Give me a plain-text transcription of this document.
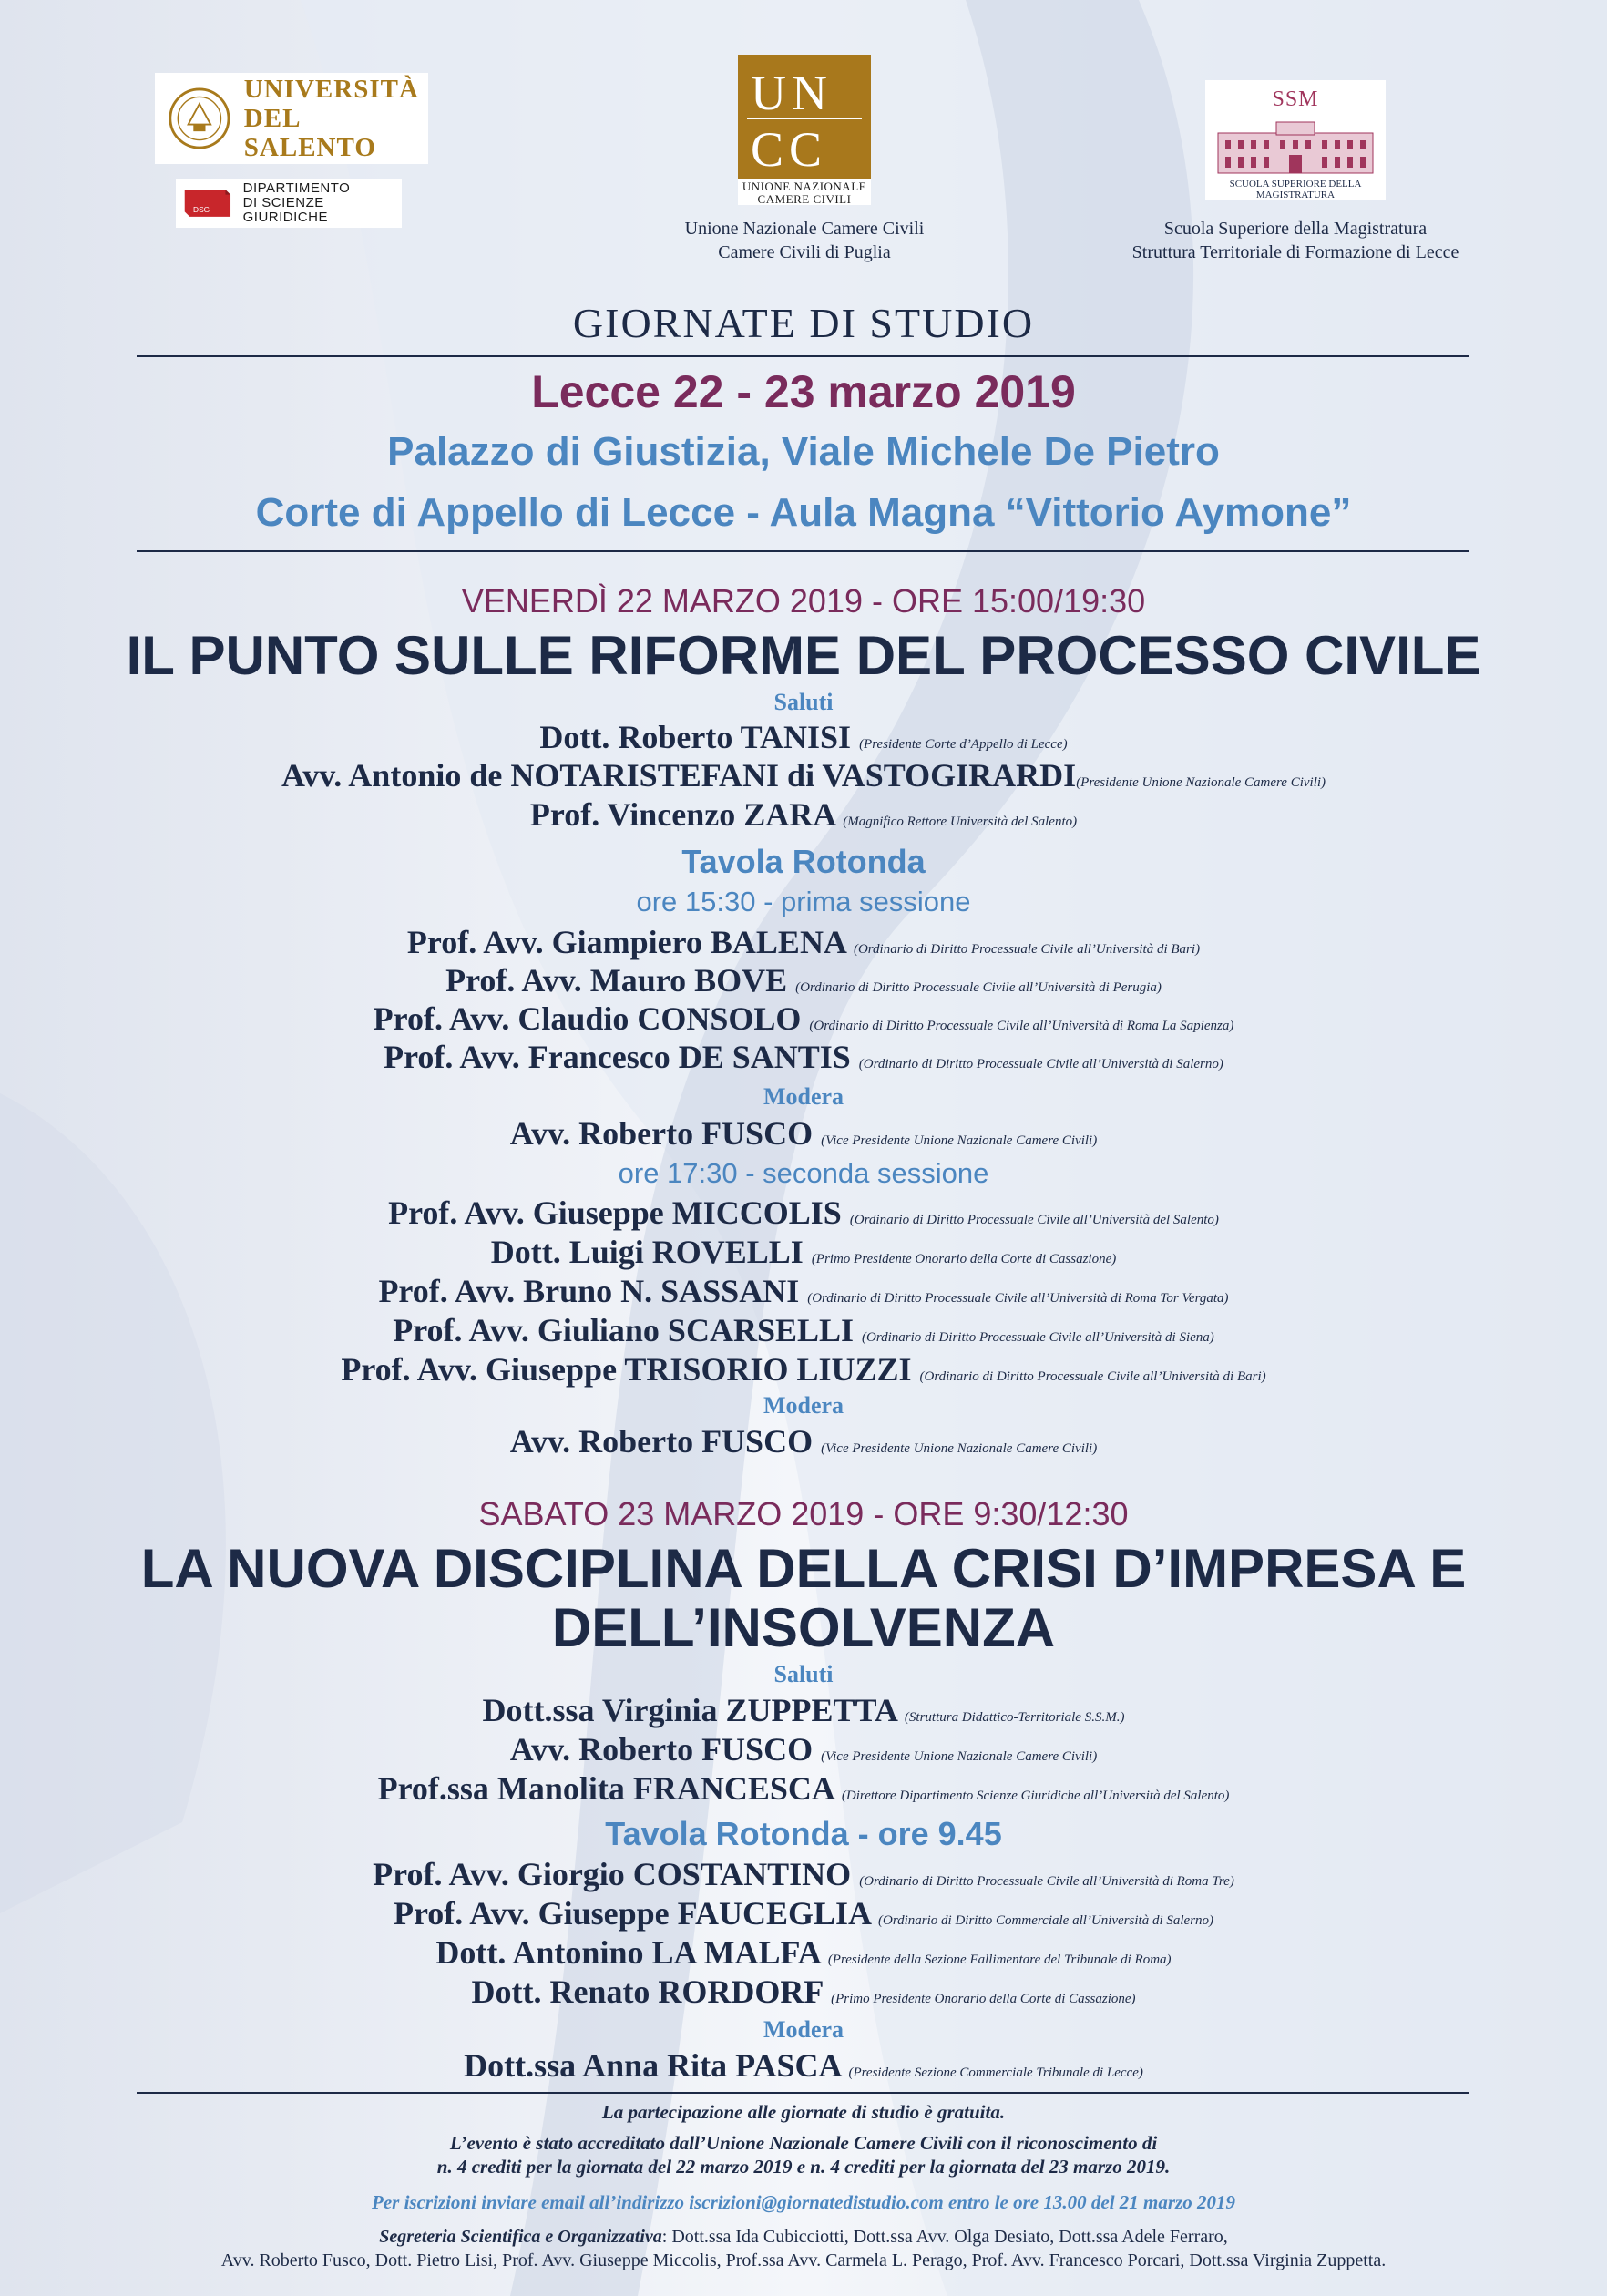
UNIVERSITÀ
DEL SALENTO
DSG
DIPARTIMENTO
DI SCIENZE GIURIDICHE
UN
CC
UNIONE NAZIONALE
CAMERE CIVILI
Unione Nazionale Camere Civili
Camere Civili di Puglia
SSM
SCUOLA SUPERIORE DELLA MAGISTRATURA
Scuola Superiore della Magistratura
Struttura Territoriale di Formazione di Lecce
GIORNATE DI STUDIO
Lecce 22 - 23 marzo 2019
Palazzo di Giustizia, Viale Michele De Pietro
Corte di Appello di Lecce - Aula Magna “Vittorio Aymone”
VENERDÌ 22 MARZO 2019 - ORE 15:00/19:30
IL PUNTO SULLE RIFORME DEL PROCESSO CIVILE
Saluti
Dott. Roberto TANISI (Presidente Corte d’Appello di Lecce)
Avv. Antonio de NOTARISTEFANI di VASTOGIRARDI(Presidente Unione Nazionale Camere Civili)
Prof. Vincenzo ZARA (Magnifico Rettore Università del Salento)
Tavola Rotonda
ore 15:30 - prima sessione
Prof. Avv. Giampiero BALENA (Ordinario di Diritto Processuale Civile all’Università di Bari)
Prof. Avv. Mauro BOVE (Ordinario di Diritto Processuale Civile all’Università di Perugia)
Prof. Avv. Claudio CONSOLO (Ordinario di Diritto Processuale Civile all’Università di Roma La Sapienza)
Prof. Avv. Francesco DE SANTIS (Ordinario di Diritto Processuale Civile all’Università di Salerno)
Modera
Avv. Roberto FUSCO (Vice Presidente Unione Nazionale Camere Civili)
ore 17:30 - seconda sessione
Prof. Avv. Giuseppe MICCOLIS (Ordinario di Diritto Processuale Civile all’Università del Salento)
Dott. Luigi ROVELLI (Primo Presidente Onorario della Corte di Cassazione)
Prof. Avv. Bruno N. SASSANI (Ordinario di Diritto Processuale Civile all’Università di Roma Tor Vergata)
Prof. Avv. Giuliano SCARSELLI (Ordinario di Diritto Processuale Civile all’Università di Siena)
Prof. Avv. Giuseppe TRISORIO LIUZZI (Ordinario di Diritto Processuale Civile all’Università di Bari)
Modera
Avv. Roberto FUSCO (Vice Presidente Unione Nazionale Camere Civili)
SABATO 23 MARZO 2019 - ORE 9:30/12:30
LA NUOVA DISCIPLINA DELLA CRISI D’IMPRESA E
DELL’INSOLVENZA
Saluti
Dott.ssa Virginia ZUPPETTA (Struttura Didattico-Territoriale S.S.M.)
Avv. Roberto FUSCO (Vice Presidente Unione Nazionale Camere Civili)
Prof.ssa Manolita FRANCESCA (Direttore Dipartimento Scienze Giuridiche all’Università del Salento)
Tavola Rotonda - ore 9.45
Prof. Avv. Giorgio COSTANTINO (Ordinario di Diritto Processuale Civile all’Università di Roma Tre)
Prof. Avv. Giuseppe FAUCEGLIA (Ordinario di Diritto Commerciale all’Università di Salerno)
Dott. Antonino LA MALFA (Presidente della Sezione Fallimentare del Tribunale di Roma)
Dott. Renato RORDORF (Primo Presidente Onorario della Corte di Cassazione)
Modera
Dott.ssa Anna Rita PASCA (Presidente Sezione Commerciale Tribunale di Lecce)
La partecipazione alle giornate di studio è gratuita.
L’evento è stato accreditato dall’Unione Nazionale Camere Civili con il riconoscimento di
n. 4 crediti per la giornata del 22 marzo 2019 e n. 4 crediti per la giornata del 23 marzo 2019.
Per iscrizioni inviare email all’indirizzo iscrizioni@giornatedistudio.com entro le ore 13.00 del 21 marzo 2019
Segreteria Scientifica e Organizzativa: Dott.ssa Ida Cubicciotti, Dott.ssa Avv. Olga Desiato, Dott.ssa Adele Ferraro,
Avv. Roberto Fusco, Dott. Pietro Lisi, Prof. Avv. Giuseppe Miccolis, Prof.ssa Avv. Carmela L. Perago, Prof. Avv. Francesco Porcari, Dott.ssa Virginia Zuppetta.
